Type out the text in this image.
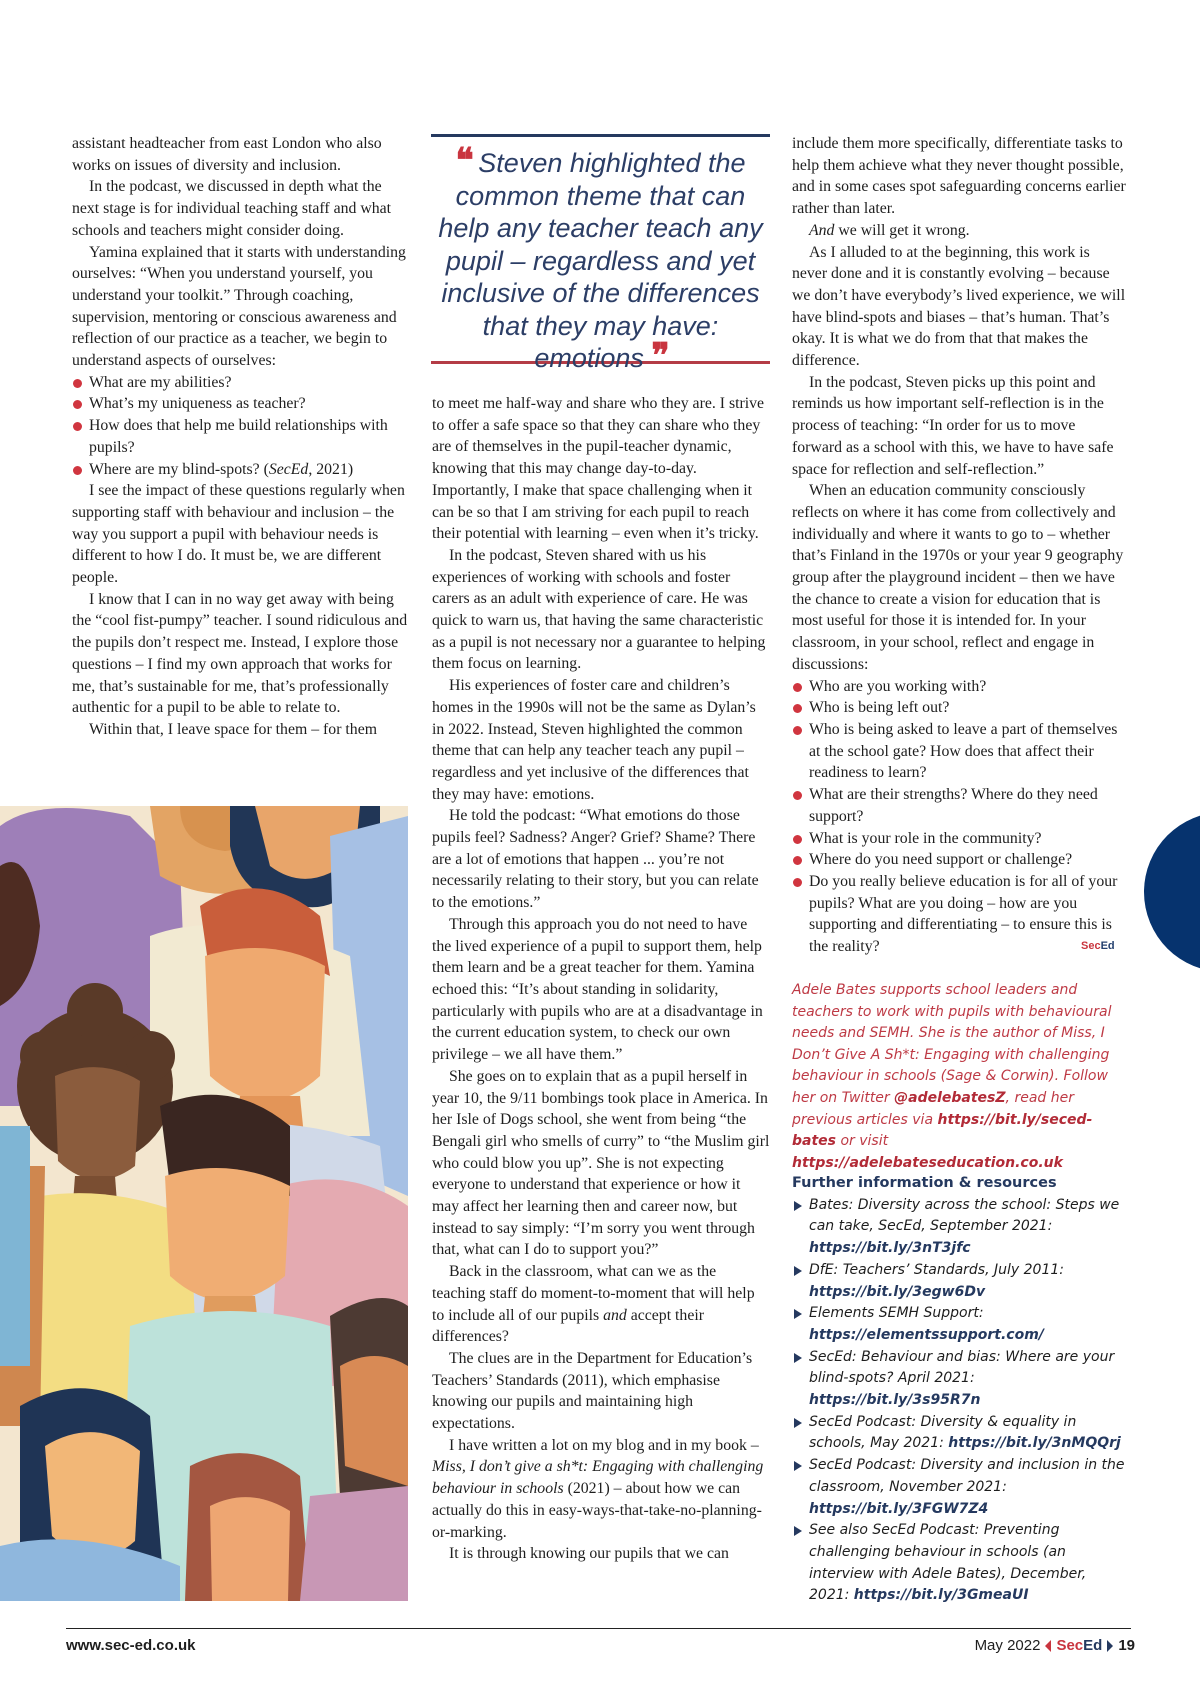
assistant headteacher from east London who also works on issues of diversity and inclusion.

In the podcast, we discussed in depth what the next stage is for individual teaching staff and what schools and teachers might consider doing.

Yamina explained that it starts with understanding ourselves: “When you understand yourself, you understand your toolkit.” Through coaching, supervision, mentoring or conscious awareness and reflection of our practice as a teacher, we begin to understand aspects of ourselves:

What are my abilities?
What’s my uniqueness as teacher?
How does that help me build relationships with pupils?
Where are my blind-spots? (SecEd, 2021)

I see the impact of these questions regularly when supporting staff with behaviour and inclusion – the way you support a pupil with behaviour needs is different to how I do. It must be, we are different people.

I know that I can in no way get away with being the “cool fist-pumpy” teacher. I sound ridiculous and the pupils don’t respect me. Instead, I explore those questions – I find my own approach that works for me, that’s sustainable for me, that’s professionally authentic for a pupil to be able to relate to.

Within that, I leave space for them – for them

❝ Steven highlighted the common theme that can help any teacher teach any pupil – regardless and yet inclusive of the differences that they may have: emotions ❞

to meet me half-way and share who they are. I strive to offer a safe space so that they can share who they are of themselves in the pupil-teacher dynamic, knowing that this may change day-to-day. Importantly, I make that space challenging when it can be so that I am striving for each pupil to reach their potential with learning – even when it’s tricky.

In the podcast, Steven shared with us his experiences of working with schools and foster carers as an adult with experience of care. He was quick to warn us, that having the same characteristic as a pupil is not necessary nor a guarantee to helping them focus on learning.

His experiences of foster care and children’s homes in the 1990s will not be the same as Dylan’s in 2022. Instead, Steven highlighted the common theme that can help any teacher teach any pupil – regardless and yet inclusive of the differences that they may have: emotions.

He told the podcast: “What emotions do those pupils feel? Sadness? Anger? Grief? Shame? There are a lot of emotions that happen ... you’re not necessarily relating to their story, but you can relate to the emotions.”

Through this approach you do not need to have the lived experience of a pupil to support them, help them learn and be a great teacher for them. Yamina echoed this: “It’s about standing in solidarity, particularly with pupils who are at a disadvantage in the current education system, to check our own privilege – we all have them.”

She goes on to explain that as a pupil herself in year 10, the 9/11 bombings took place in America. In her Isle of Dogs school, she went from being “the Bengali girl who smells of curry” to “the Muslim girl who could blow you up”. She is not expecting everyone to understand that experience or how it may affect her learning then and career now, but instead to say simply: “I’m sorry you went through that, what can I do to support you?”

Back in the classroom, what can we as the teaching staff do moment-to-moment that will help to include all of our pupils and accept their differences?

The clues are in the Department for Education’s Teachers’ Standards (2011), which emphasise knowing our pupils and maintaining high expectations.

I have written a lot on my blog and in my book – Miss, I don’t give a sh*t: Engaging with challenging behaviour in schools (2021) – about how we can actually do this in easy-ways-that-take-no-planning-or-marking.

It is through knowing our pupils that we can

include them more specifically, differentiate tasks to help them achieve what they never thought possible, and in some cases spot safeguarding concerns earlier rather than later.

And we will get it wrong.

As I alluded to at the beginning, this work is never done and it is constantly evolving – because we don’t have everybody’s lived experience, we will have blind-spots and biases – that’s human. That’s okay. It is what we do from that that makes the difference.

In the podcast, Steven picks up this point and reminds us how important self-reflection is in the process of teaching: “In order for us to move forward as a school with this, we have to have safe space for reflection and self-reflection.”

When an education community consciously reflects on where it has come from collectively and individually and where it wants to go to – whether that’s Finland in the 1970s or your year 9 geography group after the playground incident – then we have the chance to create a vision for education that is most useful for those it is intended for. In your classroom, in your school, reflect and engage in discussions:

Who are you working with?
Who is being left out?
Who is being asked to leave a part of themselves at the school gate? How does that affect their readiness to learn?
What are their strengths? Where do they need support?
What is your role in the community?
Where do you need support or challenge?
Do you really believe education is for all of your pupils? What are you doing – how are you supporting and differentiating – to ensure this is the reality?	SecEd
Adele Bates supports school leaders and teachers to work with pupils with behavioural needs and SEMH. She is the author of Miss, I Don’t Give A Sh*t: Engaging with challenging behaviour in schools (Sage & Corwin). Follow her on Twitter @adelebatesZ, read her previous articles via https://bit.ly/seced-bates or visit https://adelebateseducation.co.uk
Further information & resources
Bates: Diversity across the school: Steps we can take, SecEd, September 2021: https://bit.ly/3nT3jfc
DfE: Teachers’ Standards, July 2011: https://bit.ly/3egw6Dv
Elements SEMH Support: https://elementssupport.com/
SecEd: Behaviour and bias: Where are your blind-spots? April 2021: https://bit.ly/3s95R7n
SecEd Podcast: Diversity & equality in schools, May 2021: https://bit.ly/3nMQQrj
SecEd Podcast: Diversity and inclusion in the classroom, November 2021: https://bit.ly/3FGW7Z4
See also SecEd Podcast: Preventing challenging behaviour in schools (an interview with Adele Bates), December, 2021: https://bit.ly/3GmeaUI
www.sec-ed.co.uk	May 2022 SecEd 19
